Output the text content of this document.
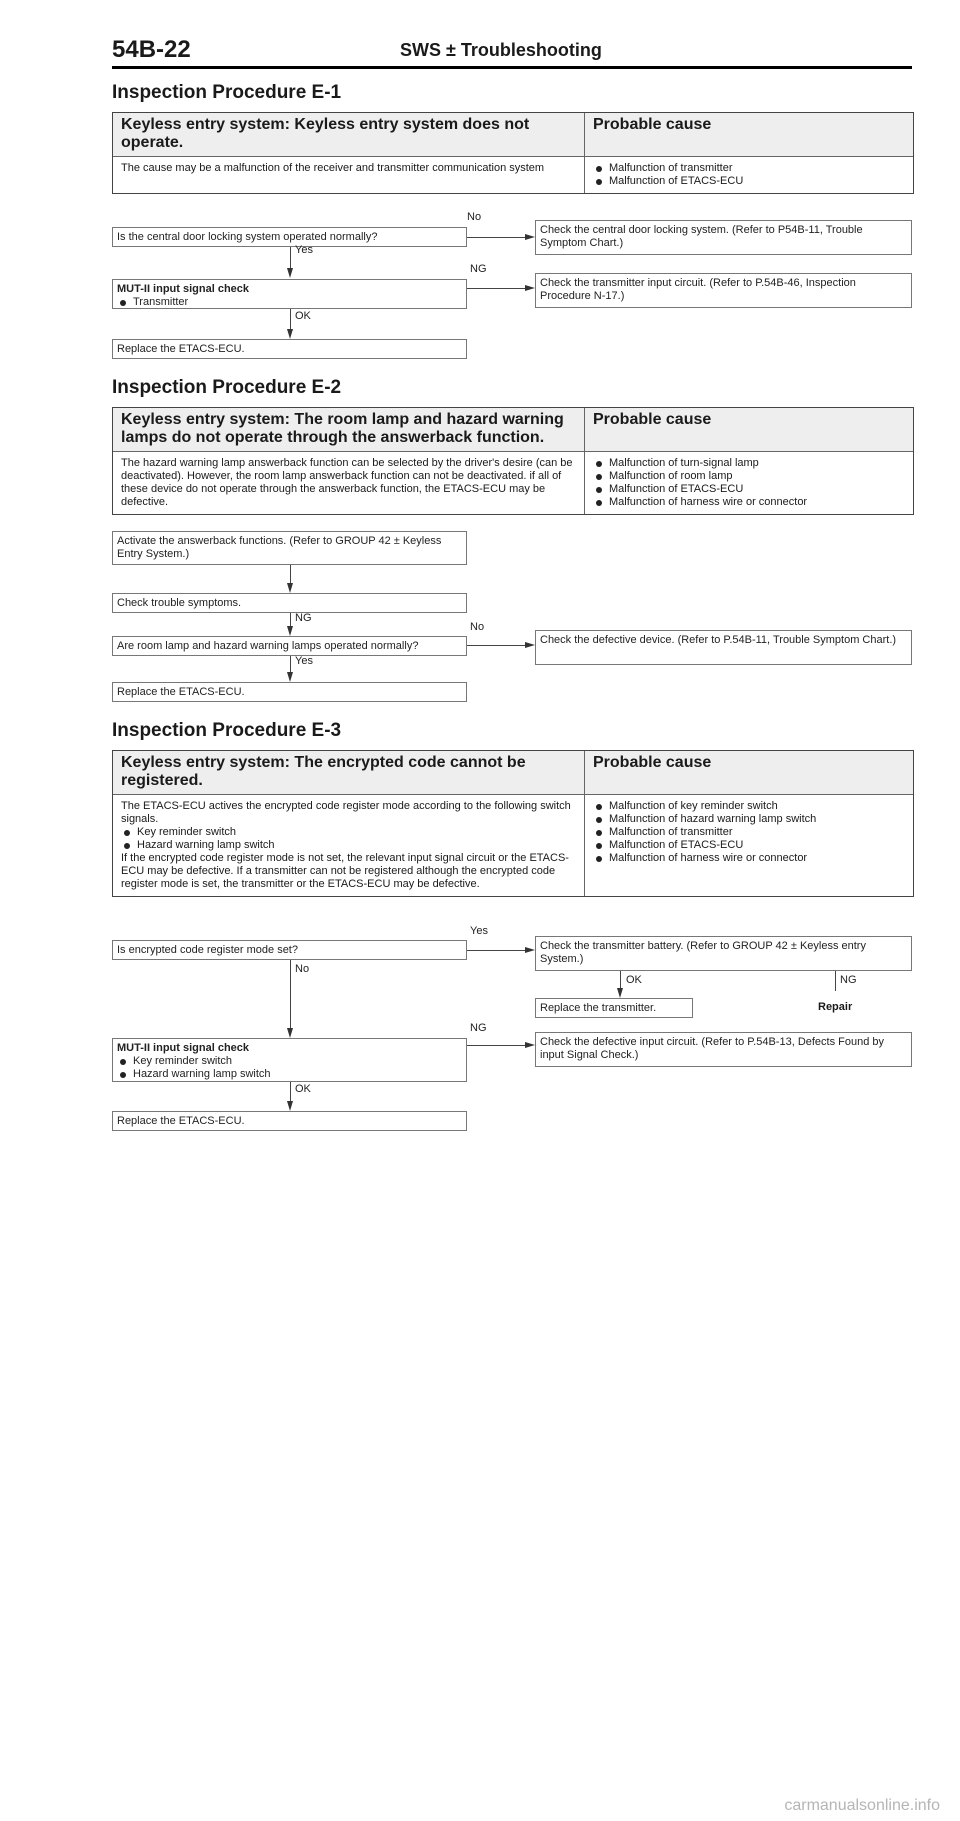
54B-22	SWS ± Troubleshooting
Inspection Procedure E-1
Keyless entry system: Keyless entry system does not operate.
Probable cause
The cause may be a malfunction of the receiver and transmitter communication system	Malfunction of transmitter
Malfunction of ETACS-ECU
Is the central door locking system operated normally?
No
Check the central door locking system. (Refer to P54B-11, Trouble Symptom Chart.)
Yes
MUT-II input signal check
Transmitter
NG
Check the transmitter input circuit. (Refer to P.54B-46, Inspection Procedure N-17.)
OK
Replace the ETACS-ECU.
Inspection Procedure E-2
Keyless entry system: The room lamp and hazard warning lamps do not operate through the answerback function.
Probable cause
The hazard warning lamp answerback function can be selected by the driver's desire (can be deactivated). However, the room lamp answerback function can not be deactivated. if all of these device do not operate through the answerback function, the ETACS-ECU may be defective.
Malfunction of turn-signal lamp
Malfunction of room lamp
Malfunction of ETACS-ECU
Malfunction of harness wire or connector
Activate the answerback functions. (Refer to GROUP 42 ± Keyless Entry System.)
Check trouble symptoms.
NG
Are room lamp and hazard warning lamps operated normally?
No
Check the defective device. (Refer to P.54B-11, Trouble Symptom Chart.)
Yes
Replace the ETACS-ECU.
Inspection Procedure E-3
Keyless entry system: The encrypted code cannot be registered.
Probable cause
The ETACS-ECU actives the encrypted code register mode according to the following switch signals.
Key reminder switch
Hazard warning lamp switch
If the encrypted code register mode is not set, the relevant input signal circuit or the ETACS-ECU may be defective. If a transmitter can not be registered although the encrypted code register mode is set, the transmitter or the ETACS-ECU may be defective.
Malfunction of key reminder switch
Malfunction of hazard warning lamp switch
Malfunction of transmitter
Malfunction of ETACS-ECU
Malfunction of harness wire or connector
Is encrypted code register mode set?
Yes
Check the transmitter battery. (Refer to GROUP 42 ± Keyless entry System.)
OK
Replace the transmitter.
NG
Repair
No
MUT-II input signal check
Key reminder switch
Hazard warning lamp switch
NG
Check the defective input circuit. (Refer to P.54B-13, Defects Found by input Signal Check.)
OK
Replace the ETACS-ECU.
carmanualsonline.info
